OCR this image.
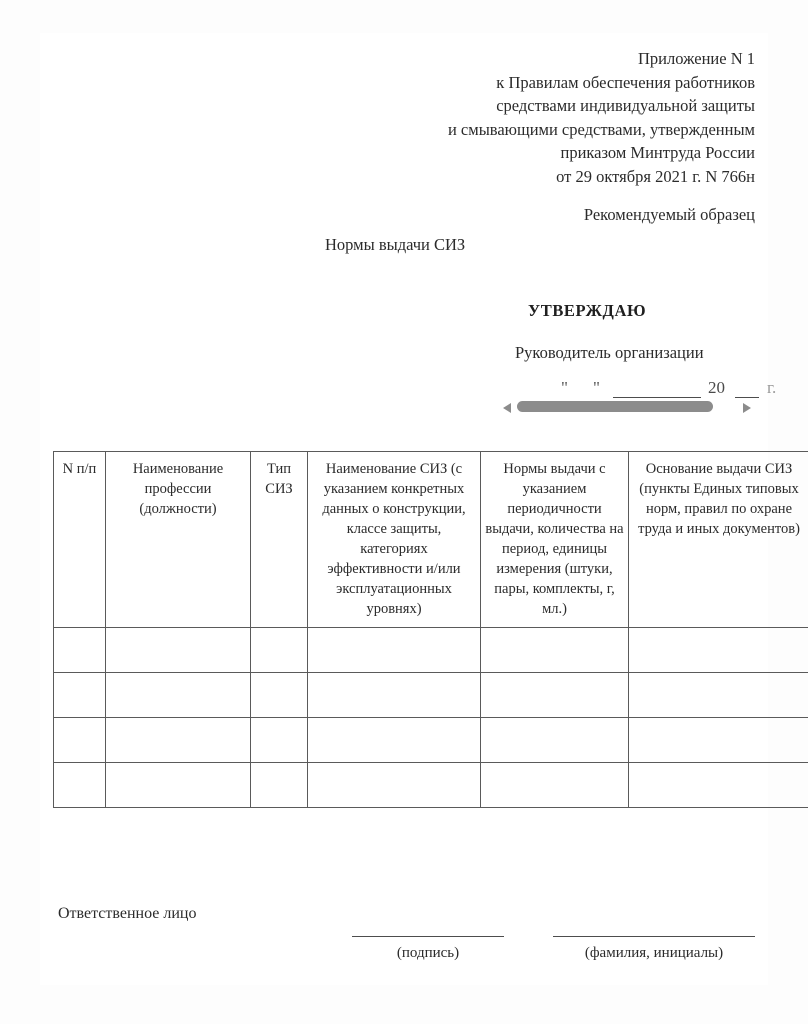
Приложение N 1
к Правилам обеспечения работников
средствами индивидуальной защиты
и смывающими средствами, утвержденным
приказом Минтруда России
от 29 октября 2021 г. N 766н
Рекомендуемый образец
Нормы выдачи СИЗ
УТВЕРЖДАЮ
Руководитель организации
" "	20 г.
N п/п	Наименование профессии (должности)	Тип СИЗ	Наименование СИЗ (с указанием конкретных данных о конструкции, классе защиты, категориях эффективности и/или эксплуатационных уровнях)	Нормы выдачи с указанием периодичности выдачи, количества на период, единицы измерения (штуки, пары, комплекты, г, мл.)	Основание выдачи СИЗ (пункты Единых типовых норм, правил по охране труда и иных документов)

Ответственное лицо
(подпись)	(фамилия, инициалы)
